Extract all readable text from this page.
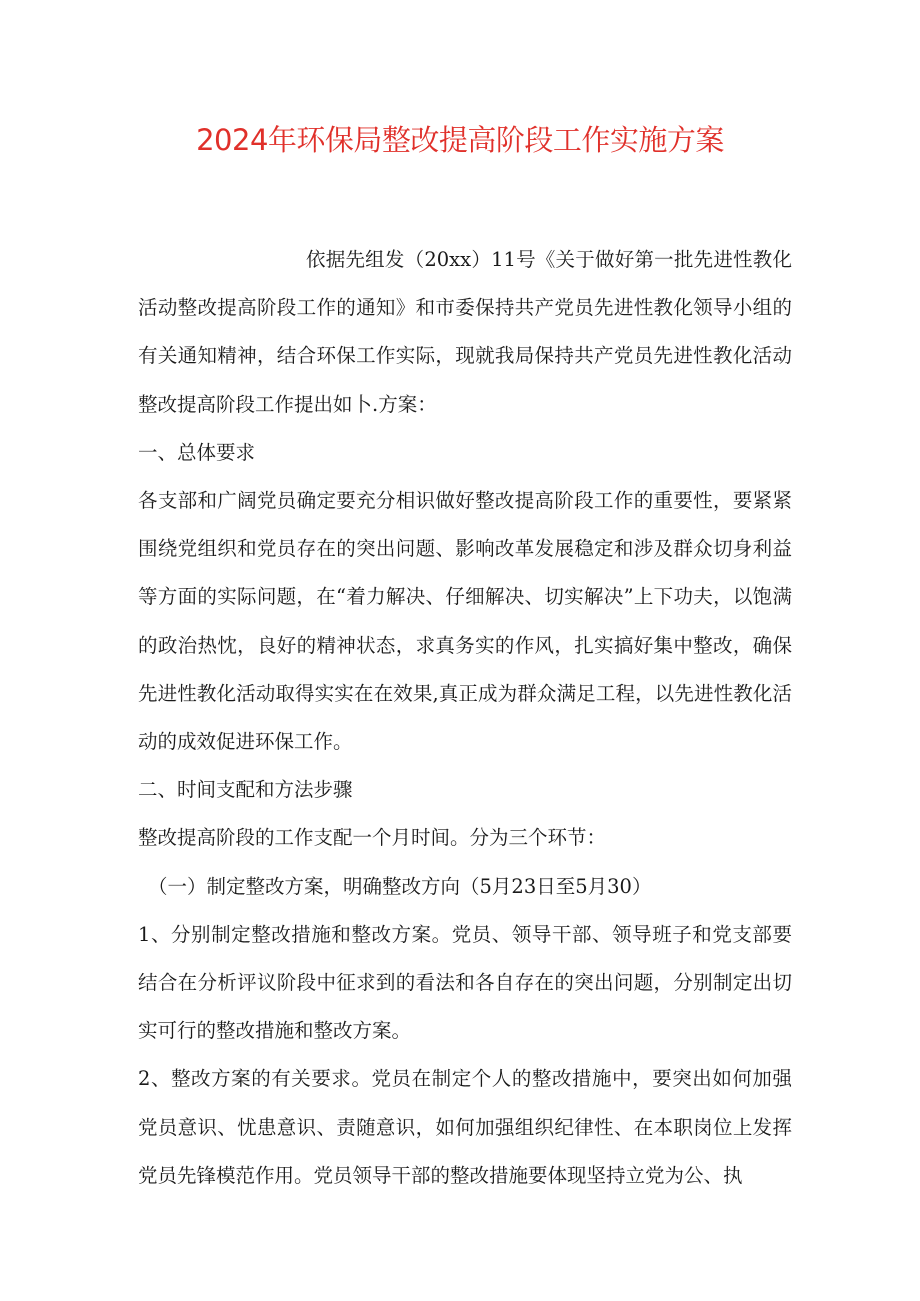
2024年环保局整改提高阶段工作实施方案

依据先组发（20xx）11号《关于做好第一批先进性教化活动整改提高阶段工作的通知》和市委保持共产党员先进性教化领导小组的有关通知精神，结合环保工作实际，现就我局保持共产党员先进性教化活动整改提高阶段工作提出如卜.方案：

一、总体要求

各支部和广阔党员确定要充分相识做好整改提高阶段工作的重要性，要紧紧围绕党组织和党员存在的突出问题、影响改革发展稳定和涉及群众切身利益等方面的实际问题，在“着力解决、仔细解决、切实解决”上下功夫，以饱满的政治热忱，良好的精神状态，求真务实的作风，扎实搞好集中整改，确保先进性教化活动取得实实在在效果,真正成为群众满足工程，以先进性教化活动的成效促进环保工作。

二、时间支配和方法步骤

整改提高阶段的工作支配一个月时间。分为三个环节：

（一）制定整改方案，明确整改方向（5月23日至5月30）

1、分别制定整改措施和整改方案。党员、领导干部、领导班子和党支部要结合在分析评议阶段中征求到的看法和各自存在的突出问题，分别制定出切实可行的整改措施和整改方案。

2、整改方案的有关要求。党员在制定个人的整改措施中，要突出如何加强党员意识、忧患意识、责随意识，如何加强组织纪律性、在本职岗位上发挥党员先锋模范作用。党员领导干部的整改措施要体现坚持立党为公、执
